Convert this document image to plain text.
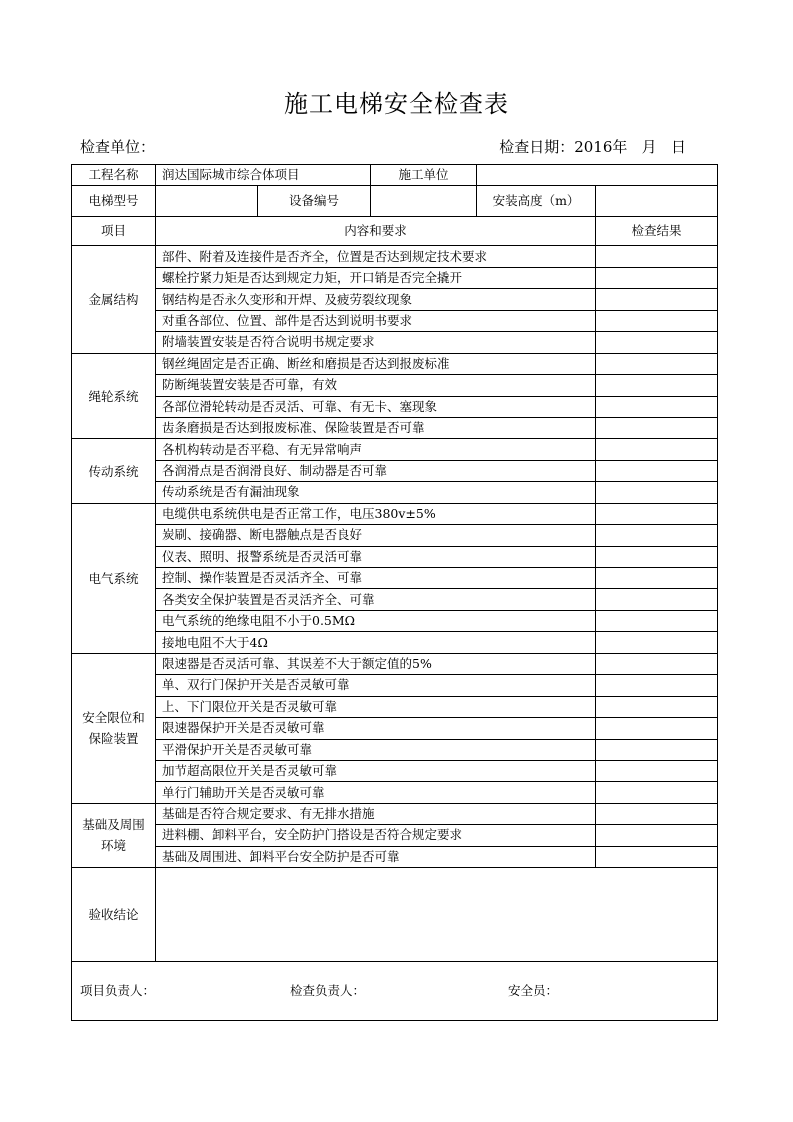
施工电梯安全检查表
检查单位：	检查日期：2016年   月   日
工程名称	润达国际城市综合体项目		施工单位		
电梯型号		设备编号		安装高度（m）	
项目	内容和要求				检查结果
金属结构	部件、附着及连接件是否齐全，位置是否达到规定技术要求				
	螺栓拧紧力矩是否达到规定力矩，开口销是否完全撬开				
	钢结构是否永久变形和开焊、及疲劳裂纹现象				
	对重各部位、位置、部件是否达到说明书要求				
	附墙装置安装是否符合说明书规定要求				
绳轮系统	钢丝绳固定是否正确、断丝和磨损是否达到报废标准				
	防断绳装置安装是否可靠，有效				
	各部位滑轮转动是否灵活、可靠、有无卡、塞现象				
	齿条磨损是否达到报废标准、保险装置是否可靠				
传动系统	各机构转动是否平稳、有无异常响声				
	各润滑点是否润滑良好、制动器是否可靠				
	传动系统是否有漏油现象				
电气系统	电缆供电系统供电是否正常工作，电压380v±5%				
	炭刷、接确器、断电器触点是否良好				
	仪表、照明、报警系统是否灵活可靠				
	控制、操作装置是否灵活齐全、可靠				
	各类安全保护装置是否灵活齐全、可靠				
	电气系统的绝缘电阻不小于0.5MΩ				
	接地电阻不大于4Ω				
安全限位和保险装置	限速器是否灵活可靠、其误差不大于额定值的5%				
	单、双行门保护开关是否灵敏可靠				
	上、下门限位开关是否灵敏可靠				
	限速器保护开关是否灵敏可靠				
	平滑保护开关是否灵敏可靠				
	加节超高限位开关是否灵敏可靠				
	单行门辅助开关是否灵敏可靠				
基础及周围环境	基础是否符合规定要求、有无排水措施				
	进料棚、卸料平台，安全防护门搭设是否符合规定要求				
	基础及周围进、卸料平台安全防护是否可靠				
验收结论					

项目负责人： 检查负责人： 安全员：					
